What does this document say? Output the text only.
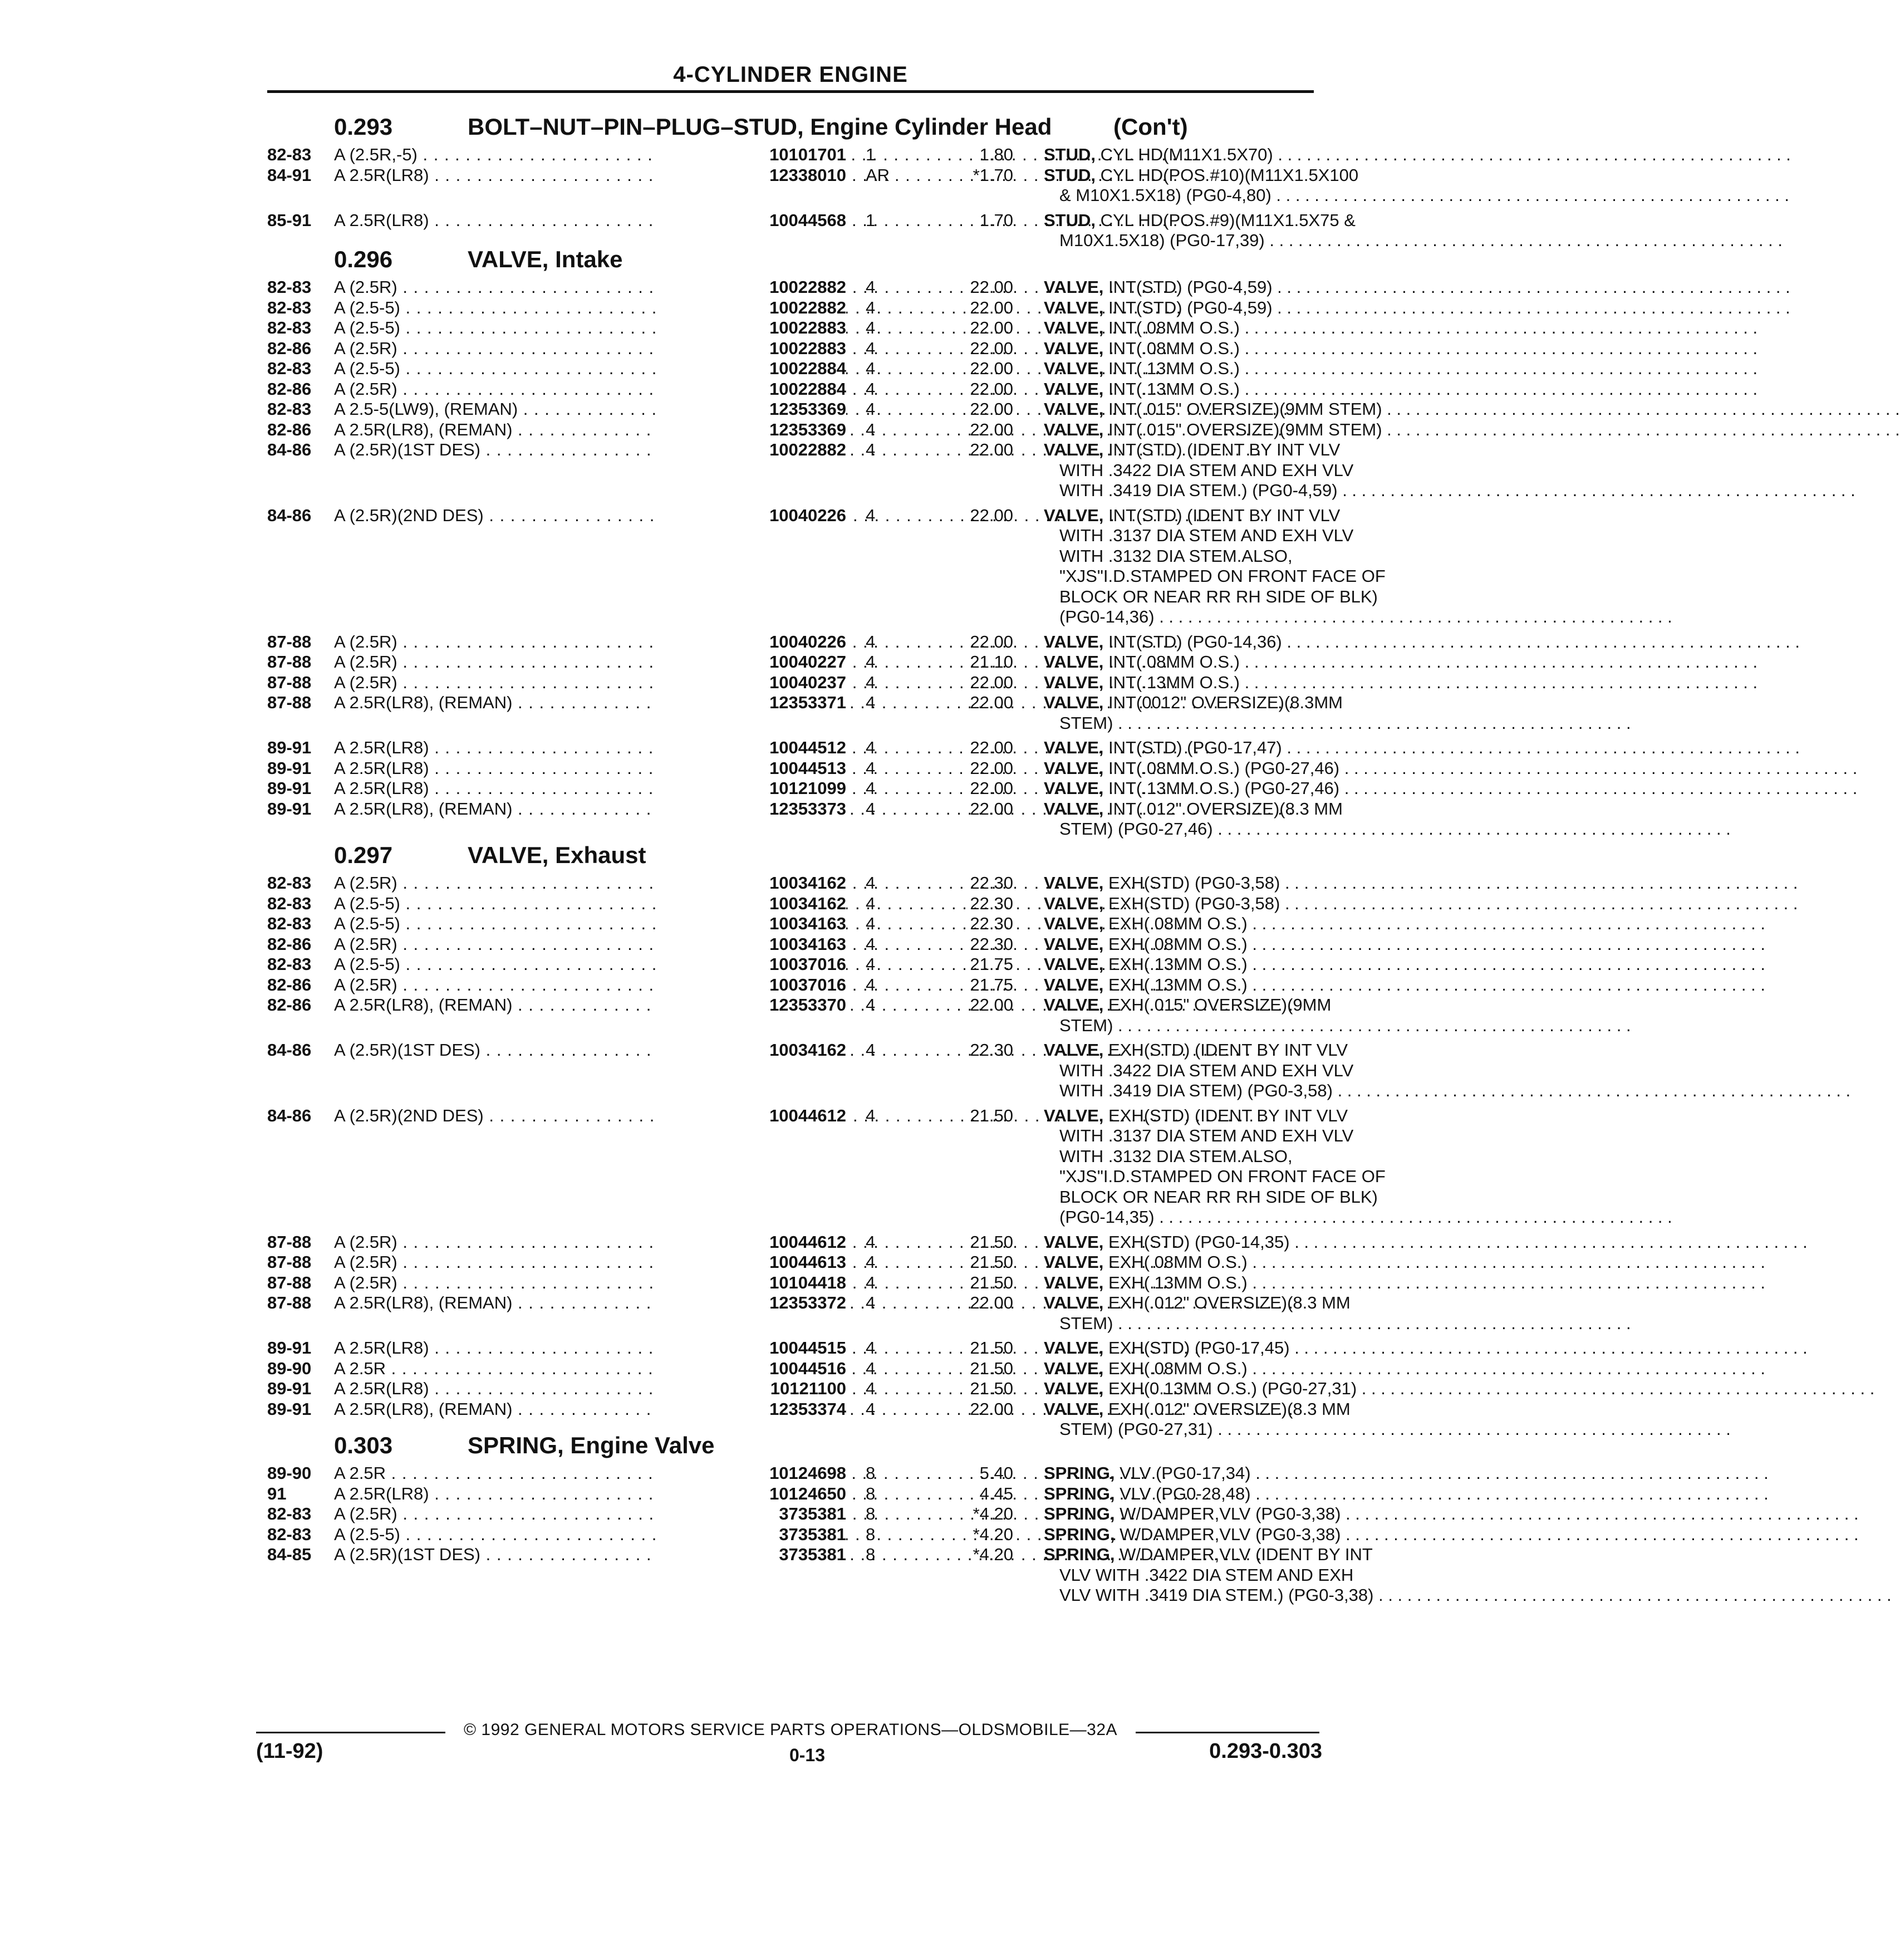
4-CYLINDER ENGINE
0.293	BOLT–NUT–PIN–PLUG–STUD, Engine Cylinder Head	(Con't)
82-83	A (2.5R,-5) . . .	10101701 1	1.80 STUD, CYL HD(M11X1.5X70) . . .
84-91	A 2.5R(LR8) . . .	12338010 AR	*1.70 STUD, CYL HD(POS #10)(M11X1.5X100
& M10X1.5X18) (PG0-4,80) . . .
85-91	A 2.5R(LR8) . . .	10044568 1	1.70 STUD, CYL HD(POS #9)(M11X1.5X75 &
M10X1.5X18) (PG0-17,39) . . .
0.296	VALVE, Intake
82-83	A (2.5R) . . .	10022882 4	22.00 VALVE, INT(STD) (PG0-4,59) . . .
82-83	A (2.5-5) . . .	10022882 4	22.00 VALVE, INT(STD) (PG0-4,59) . . .
82-83	A (2.5-5) . . .	10022883 4	22.00 VALVE, INT(.08MM O.S.) . . .
82-86	A (2.5R) . . .	10022883 4	22.00 VALVE, INT(.08MM O.S.) . . .
82-83	A (2.5-5) . . .	10022884 4	22.00 VALVE, INT(.13MM O.S.) . . .
82-86	A (2.5R) . . .	10022884 4	22.00 VALVE, INT(.13MM O.S.) . . .
82-83	A 2.5-5(LW9), (REMAN) . . .	12353369 4	22.00 VALVE, INT(.015" OVERSIZE)(9MM STEM) . . .
82-86	A 2.5R(LR8), (REMAN) . . .	12353369 4	22.00 VALVE, INT(.015" OVERSIZE)(9MM STEM) . . .
84-86	A (2.5R)(1ST DES) . . .	10022882 4	22.00 VALVE, INT(STD) (IDENT BY INT VLV
WITH .3422 DIA STEM AND EXH VLV
WITH .3419 DIA STEM.) (PG0-4,59) . . .
84-86	A (2.5R)(2ND DES) . . .	10040226 4	22.00 VALVE, INT(STD) (IDENT BY INT VLV
WITH .3137 DIA STEM AND EXH VLV
WITH .3132 DIA STEM.ALSO,
"XJS"I.D.STAMPED ON FRONT FACE OF
BLOCK OR NEAR RR RH SIDE OF BLK)
(PG0-14,36) . . .
87-88	A (2.5R) . . .	10040226 4	22.00 VALVE, INT(STD) (PG0-14,36) . . .
87-88	A (2.5R) . . .	10040227 4	21.10 VALVE, INT(.08MM O.S.) . . .
87-88	A (2.5R) . . .	10040237 4	22.00 VALVE, INT(.13MM O.S.) . . .
87-88	A 2.5R(LR8), (REMAN) . . .	12353371 4	22.00 VALVE, INT(0012" OVERSIZE)(8.3MM
STEM) . . .
89-91	A 2.5R(LR8) . . .	10044512 4	22.00 VALVE, INT(STD) (PG0-17,47) . . .
89-91	A 2.5R(LR8) . . .	10044513 4	22.00 VALVE, INT(.08MM O.S.) (PG0-27,46) . . .
89-91	A 2.5R(LR8) . . .	10121099 4	22.00 VALVE, INT(.13MM O.S.) (PG0-27,46) . . .
89-91	A 2.5R(LR8), (REMAN) . . .	12353373 4	22.00 VALVE, INT(.012" OVERSIZE)(8.3 MM
STEM) (PG0-27,46) . . .
0.297	VALVE, Exhaust
82-83	A (2.5R) . . .	10034162 4	22.30 VALVE, EXH(STD) (PG0-3,58) . . .
82-83	A (2.5-5) . . .	10034162 4	22.30 VALVE, EXH(STD) (PG0-3,58) . . .
82-83	A (2.5-5) . . .	10034163 4	22.30 VALVE, EXH(.08MM O.S.) . . .
82-86	A (2.5R) . . .	10034163 4	22.30 VALVE, EXH(.08MM O.S.) . . .
82-83	A (2.5-5) . . .	10037016 4	21.75 VALVE, EXH(.13MM O.S.) . . .
82-86	A (2.5R) . . .	10037016 4	21.75 VALVE, EXH(.13MM O.S.) . . .
82-86	A 2.5R(LR8), (REMAN) . . .	12353370 4	22.00 VALVE, EXH(.015" OVERSIZE)(9MM
STEM) . . .
84-86	A (2.5R)(1ST DES) . . .	10034162 4	22.30 VALVE, EXH(STD) (IDENT BY INT VLV
WITH .3422 DIA STEM AND EXH VLV
WITH .3419 DIA STEM) (PG0-3,58) . . .
84-86	A (2.5R)(2ND DES) . . .	10044612 4	21.50 VALVE, EXH(STD) (IDENT BY INT VLV
WITH .3137 DIA STEM AND EXH VLV
WITH .3132 DIA STEM.ALSO,
"XJS"I.D.STAMPED ON FRONT FACE OF
BLOCK OR NEAR RR RH SIDE OF BLK)
(PG0-14,35) . . .
87-88	A (2.5R) . . .	10044612 4	21.50 VALVE, EXH(STD) (PG0-14,35) . . .
87-88	A (2.5R) . . .	10044613 4	21.50 VALVE, EXH(.08MM O.S.) . . .
87-88	A (2.5R) . . .	10104418 4	21.50 VALVE, EXH(.13MM O.S.) . . .
87-88	A 2.5R(LR8), (REMAN) . . .	12353372 4	22.00 VALVE, EXH(.012" OVERSIZE)(8.3 MM
STEM) . . .
89-91	A 2.5R(LR8) . . .	10044515 4	21.50 VALVE, EXH(STD) (PG0-17,45) . . .
89-90	A 2.5R . . .	10044516 4	21.50 VALVE, EXH(.08MM O.S.) . . .
89-91	A 2.5R(LR8) . . .	10121100 4	21.50 VALVE, EXH(0.13MM O.S.) (PG0-27,31) . . .
89-91	A 2.5R(LR8), (REMAN) . . .	12353374 4	22.00 VALVE, EXH(.012" OVERSIZE)(8.3 MM
STEM) (PG0-27,31) . . .
0.303	SPRING, Engine Valve
89-90	A 2.5R . . .	10124698 8	5.40 SPRING, VLV (PG0-17,34) . . .
91	A 2.5R(LR8) . . .	10124650 8	4.45 SPRING, VLV (PG0-28,48) . . .
82-83	A (2.5R) . . .	3735381 8	*4.20 SPRING, W/DAMPER,VLV (PG0-3,38) . . .
82-83	A (2.5-5) . . .	3735381 8	*4.20 SPRING, W/DAMPER,VLV (PG0-3,38) . . .
84-85	A (2.5R)(1ST DES) . . .	3735381 8	*4.20 SPRING, W/DAMPER,VLV (IDENT BY INT
VLV WITH .3422 DIA STEM AND EXH
VLV WITH .3419 DIA STEM.) (PG0-3,38) . . .
© 1992 GENERAL MOTORS SERVICE PARTS OPERATIONS—OLDSMOBILE—32A
(11-92)	0-13	0.293-0.303
